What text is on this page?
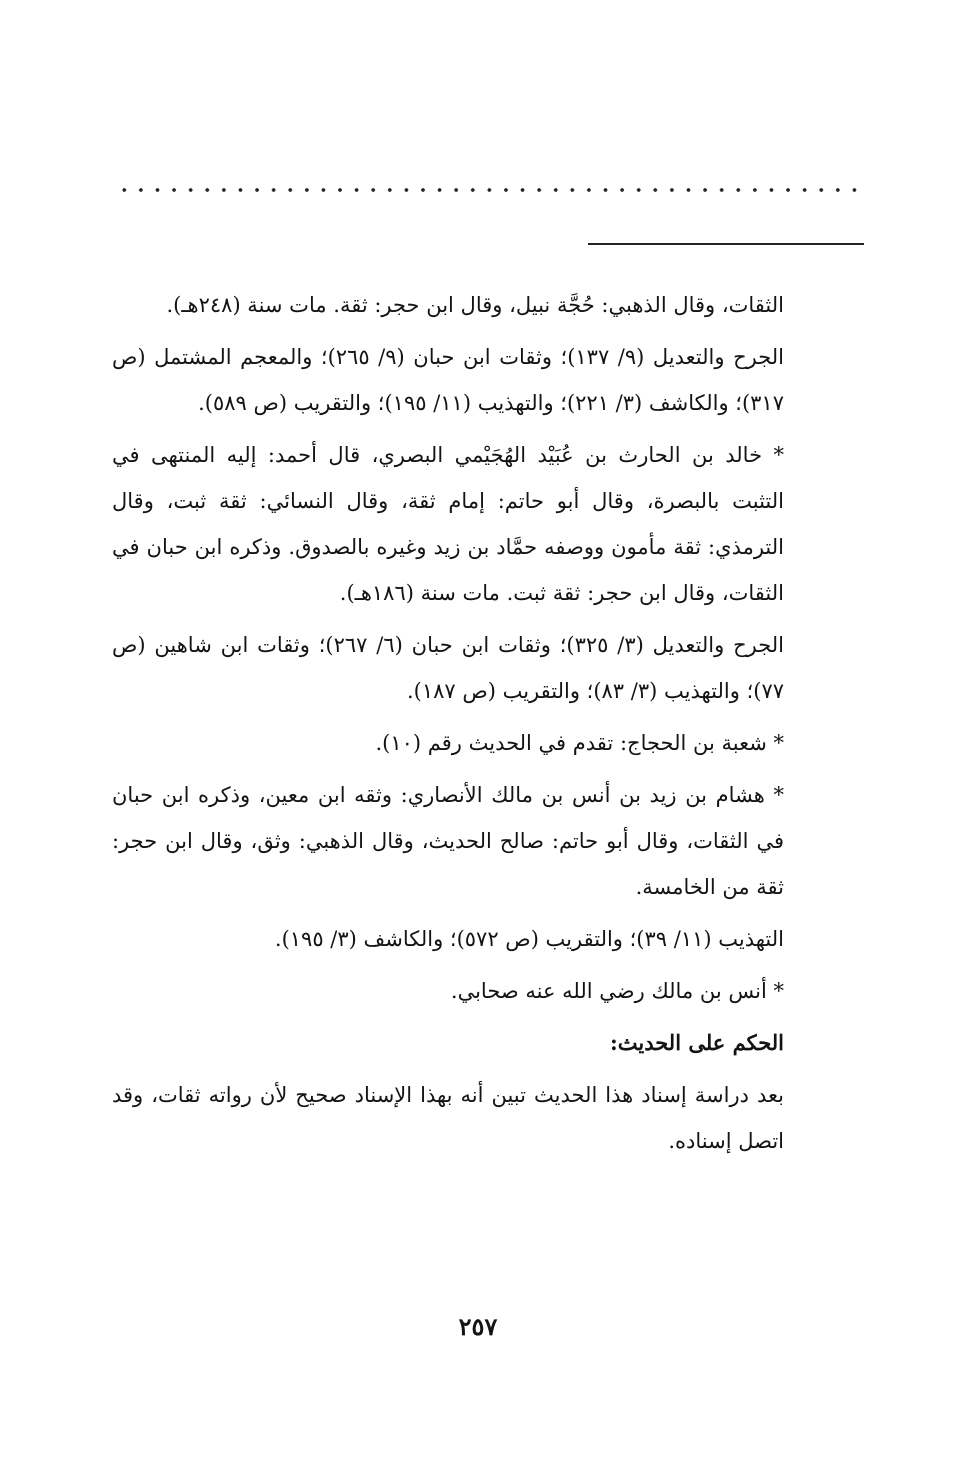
الثقات، وقال الذهبي: حُجَّة نبيل، وقال ابن حجر: ثقة. مات سنة (٢٤٨هـ).

الجرح والتعديل (٩/ ١٣٧)؛ وثقات ابن حبان (٩/ ٢٦٥)؛ والمعجم المشتمل (ص ٣١٧)؛ والكاشف (٣/ ٢٢١)؛ والتهذيب (١١/ ١٩٥)؛ والتقريب (ص ٥٨٩).

* خالد بن الحارث بن عُبَيْد الهُجَيْمي البصري، قال أحمد: إليه المنتهى في التثبت بالبصرة، وقال أبو حاتم: إمام ثقة، وقال النسائي: ثقة ثبت، وقال الترمذي: ثقة مأمون ووصفه حمَّاد بن زيد وغيره بالصدوق. وذكره ابن حبان في الثقات، وقال ابن حجر: ثقة ثبت. مات سنة (١٨٦هـ).

الجرح والتعديل (٣/ ٣٢٥)؛ وثقات ابن حبان (٦/ ٢٦٧)؛ وثقات ابن شاهين (ص ٧٧)؛ والتهذيب (٣/ ٨٣)؛ والتقريب (ص ١٨٧).

* شعبة بن الحجاج: تقدم في الحديث رقم (١٠).

* هشام بن زيد بن أنس بن مالك الأنصاري: وثقه ابن معين، وذكره ابن حبان في الثقات، وقال أبو حاتم: صالح الحديث، وقال الذهبي: وثق، وقال ابن حجر: ثقة من الخامسة.

التهذيب (١١/ ٣٩)؛ والتقريب (ص ٥٧٢)؛ والكاشف (٣/ ١٩٥).

* أنس بن مالك رضي الله عنه صحابي.

الحكم على الحديث:

بعد دراسة إسناد هذا الحديث تبين أنه بهذا الإسناد صحيح لأن رواته ثقات، وقد اتصل إسناده.

٢٥٧
